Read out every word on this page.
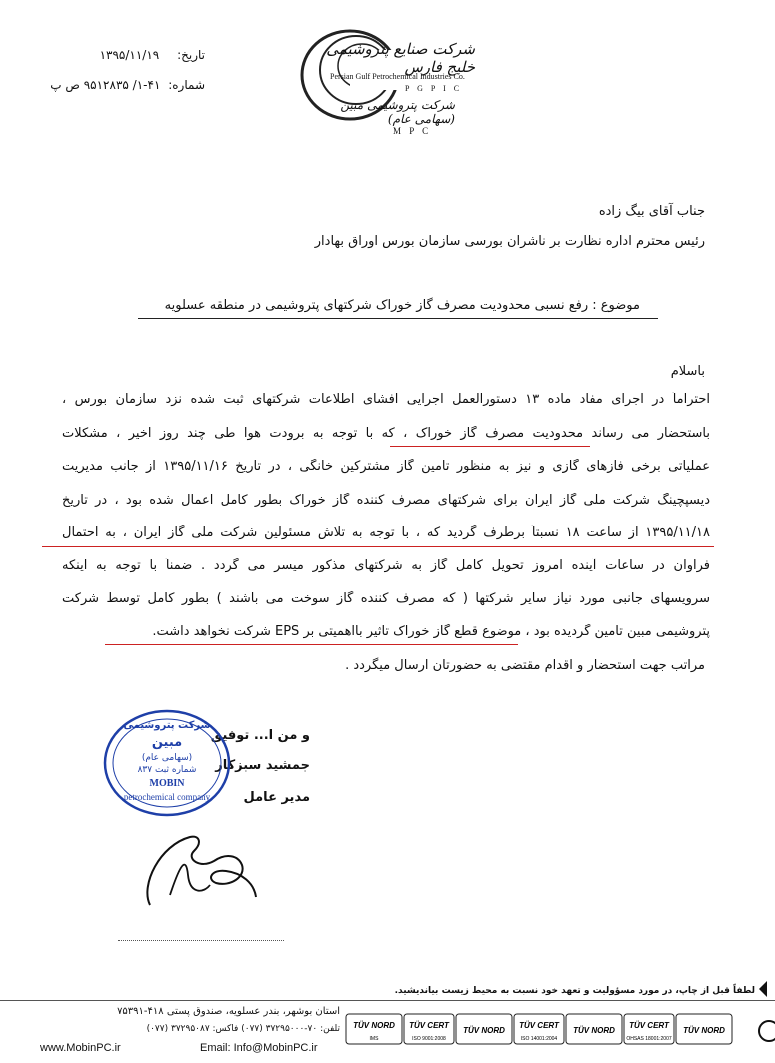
شرکت صنایع پتروشیمی خلیج فارس
Persian Gulf Petrochemical Industries Co.
P G P I C
شرکت پتروشیمی مبین (سهامی عام)
M P C
تاریخ: ۱۳۹۵/۱۱/۱۹
شماره: ۴۱-۱/ ۹۵۱۲۸۳۵ ص پ
جناب آقای بیگ زاده
رئیس محترم اداره نظارت بر ناشران بورسی سازمان بورس اوراق بهادار
موضوع : رفع نسبی محدودیت مصرف گاز خوراک شرکتهای پتروشیمی در منطقه عسلویه
باسلام
احتراماً در اجرای مفاد ماده ۱۳ دستورالعمل اجرایی افشای اطلاعات شرکتهای ثبت شده نزد سازمان بورس ،
باستحضار می رساند محدودیت مصرف گاز خوراک ، که با توجه به برودت هوا طی چند روز اخیر ، مشکلات
عملیاتی برخی فازهای گازی و نیز به منظور تامین گاز مشترکین خانگی ، در تاریخ ۱۳۹۵/۱۱/۱۶ از جانب مدیریت
دیسپچینگ شرکت ملی گاز ایران برای شرکتهای مصرف کننده گاز خوراک بطور کامل اعمال شده بود ، در تاریخ
۱۳۹۵/۱۱/۱۸ از ساعت ۱۸ نسبتاً برطرف گردید که ، با توجه به تلاش مسئولین شرکت ملی گاز ایران ، به احتمال
فراوان در ساعات آینده امروز تحویل کامل گاز به شرکتهای مذکور میسر می گردد . ضمناً با توجه به اینکه
سرویسهای جانبی مورد نیاز سایر شرکتها ( که مصرف کننده گاز سوخت می باشند ) بطور کامل توسط شرکت
پتروشیمی مبین تامین گردیده بود ، موضوع قطع گاز خوراک تاثیر بااهمیتی بر EPS شرکت نخواهد داشت.
مراتب جهت استحضار و اقدام مقتضی به حضورتان ارسال میگردد .
و من ا... توفیق
جمشید سبزکار
مدیر عامل
شرکت پتروشیمی
مبین
(سهامی عام)
شماره ثبت ۸۳۷
MOBIN
petrochemical company
لطفاً قبل از چاپ، در مورد مسؤولیت و تعهد خود نسبت به محیط زیست بیاندیشید.
استان بوشهر، بندر عسلویه، صندوق پستی ۴۱۸-۷۵۳۹۱
تلفن: ۷۰-۳۷۲۹۵۰۰۰ (۰۷۷) فاکس: ۳۷۲۹۵۰۸۷ (۰۷۷)
www.MobinPC.ir	Email: Info@MobinPC.ir
TÜV NORD
IMS
TÜV CERT
ISO 9001:2008
TÜV NORD
TÜV CERT
ISO 14001:2004
TÜV NORD
TÜV CERT
OHSAS 18001:2007
TÜV NORD
